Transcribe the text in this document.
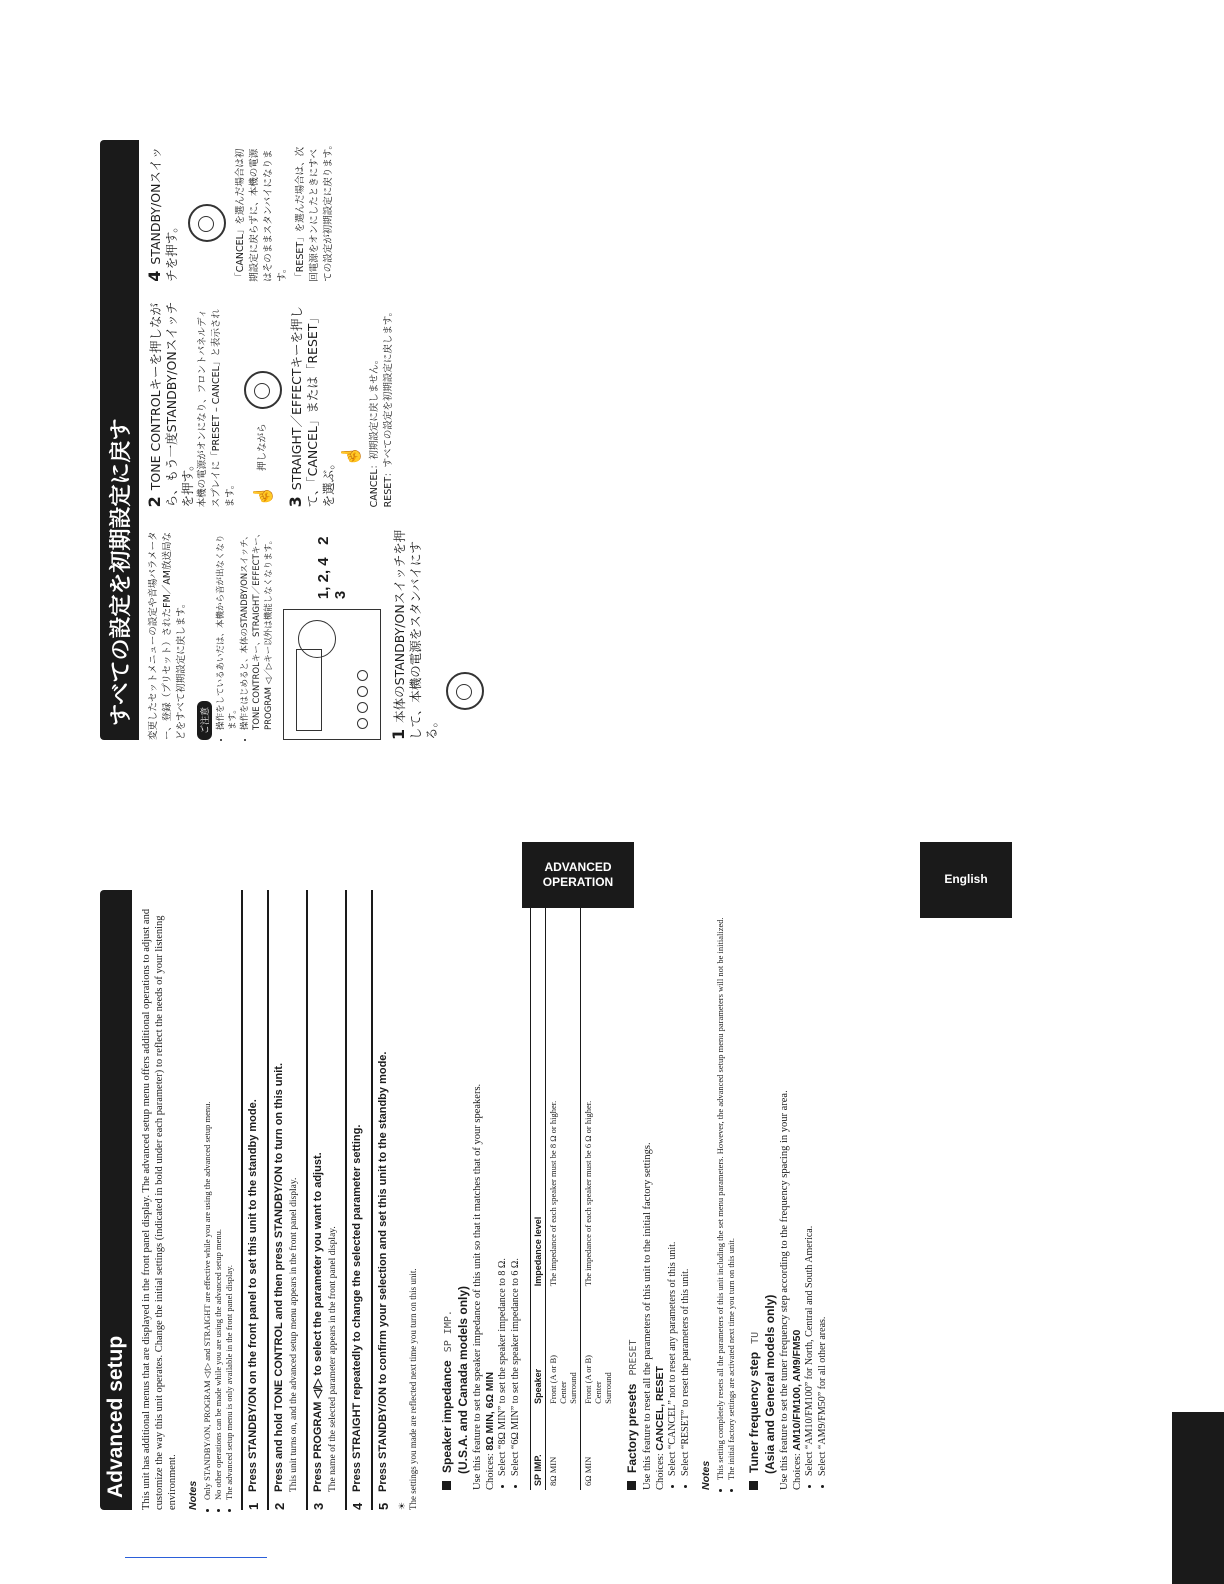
Advanced setup	This unit has additional menus that are displayed in the front panel display. The advanced setup menu offers additional operations to adjust and customize the way this unit operates. Change the initial settings (indicated in bold under each parameter) to reflect the needs of your listening environment. Notes • Only STANDBY/ON, PROGRAM ◁/▷ and STRAIGHT are effective while you are using the advanced setup menu. • No other operations can be made while you are using the advanced setup menu. • The advanced setup menu is only available in the front panel display.
1

Press STANDBY/ON on the front panel to set this unit to the standby mode.

2

Press and hold TONE CONTROL and then press STANDBY/ON to turn on this unit. This unit turns on, and the advanced setup menu appears in the front panel display.

3

Press PROGRAM ◁/▷ to select the parameter you want to adjust. The name of the selected parameter appears in the front panel display.

4

Press STRAIGHT repeatedly to change the selected parameter setting.

5

Press STANDBY/ON to confirm your selection and set this unit to the standby mode.

☀ The settings you made are reflected next time you turn on this unit. Speaker impedanceSP IMP. (U.S.A. and Canada models only) Use this feature to set the speaker impedance of this unit so that it matches that of your speakers. Choices: 8Ω MIN, 6Ω MIN • Select “8Ω MIN” to set the speaker impedance to 8 Ω. • Select “6Ω MIN” to set the speaker impedance to 6 Ω. SP IMP.	Speaker	Impedance level
8Ω MIN	Front (A or B) Center Surround	The impedance of each speaker must be 8 Ω or higher.
6Ω MIN	Front (A or B) Center Surround	The impedance of each speaker must be 6 Ω or higher.

Factory presetsPRESET Use this feature to reset all the parameters of this unit to the initial factory settings. Choices: CANCEL, RESET • Select “CANCEL” not to reset any parameters of this unit. • Select “RESET” to reset the parameters of this unit. Notes • This setting completely resets all the parameters of this unit including the set menu parameters. However, the advanced setup menu parameters will not be initialized. • The initial factory settings are activated next time you turn on this unit. Tuner frequency stepTU (Asia and General models only) Use this feature to set the tuner frequency step according to the frequency spacing in your area. Choices: AM10/FM100, AM9/FM50 • Select “AM10/FM100” for North, Central and South America. • Select “AM9/FM50” for all other areas.
ADVANCED OPERATION	English
すべての設定を初期設定に戻す	変更したセットメニューの設定や音場パラメーター、登録（プリセット）されたFM／AM放送局などをすべて初期設定に戻します。 ご注意 • 操作をしているあいだは、本機から音が出なくなります。 • 操作をはじめると、本体のSTANDBY/ONスイッチ、TONE CONTROLキー、STRAIGHT／EFFECTキー、PROGRAM ◁／▷キー以外は機能しなくなります。	1, 2, 4   2   3

1本体のSTANDBY/ONスイッチを押して、本機の電源をスタンバイにする。

2TONE CONTROLキーを押しながら、もう一度STANDBY/ONスイッチを押す。 本機の電源がオンになり、フロントパネルディスプレイに「PRESET – CANCEL」と表示されます。 ☝
押しながら

3STRAIGHT／EFFECTキーを押して、「CANCEL」または「RESET」を選ぶ。

☝ CANCEL：初期設定に戻しません。 RESET：すべての設定を初期設定に戻します。

4STANDBY/ONスイッチを押す。	「CANCEL」を選んだ場合は初期設定に戻らずに、本機の電源はそのままスタンバイになります。 「RESET」を選んだ場合は、次回電源をオンにしたときにすべての設定が初期設定に戻ります。
